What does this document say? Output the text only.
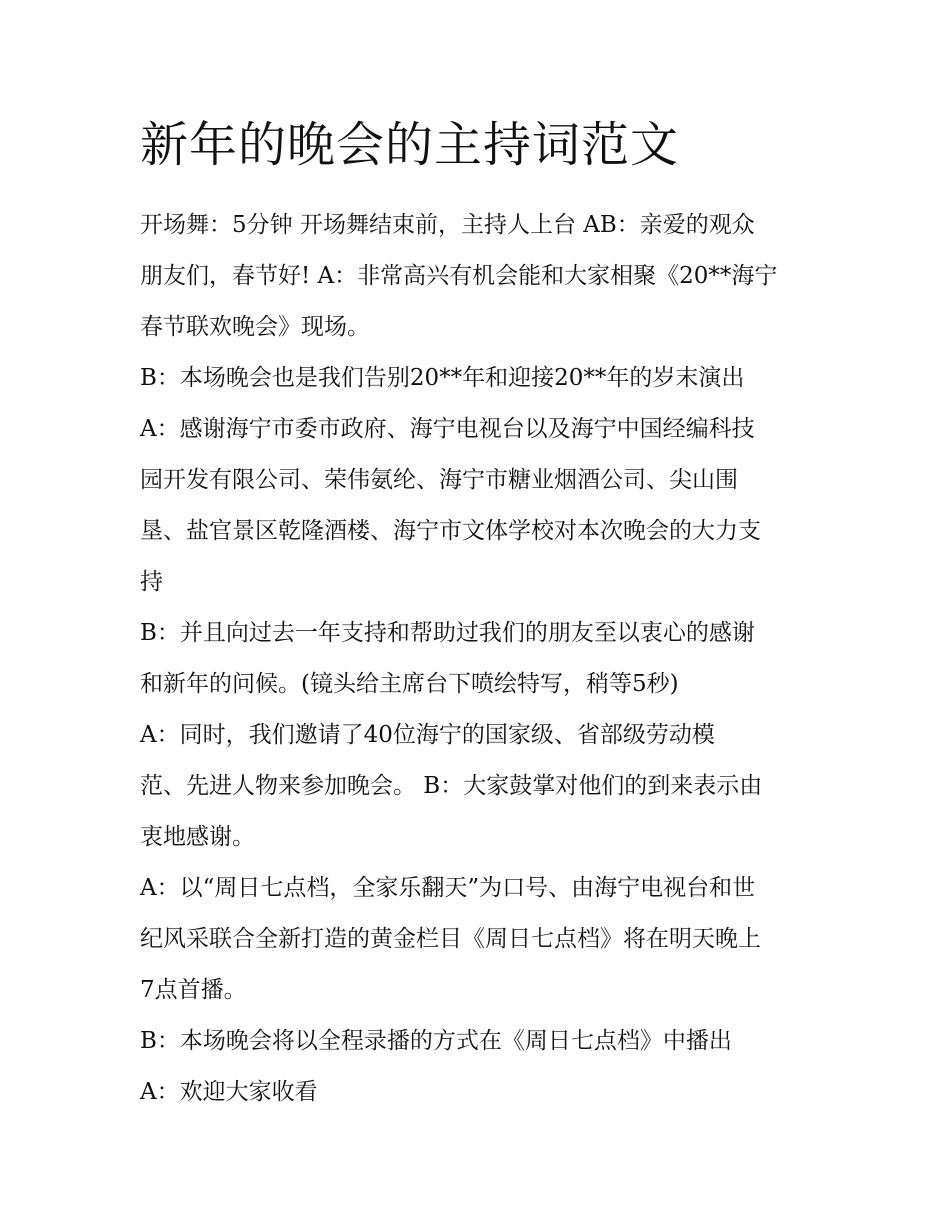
新年的晚会的主持词范文

开场舞：5分钟 开场舞结束前，主持人上台 AB：亲爱的观众
朋友们，春节好! A：非常高兴有机会能和大家相聚《20**海宁
春节联欢晚会》现场。

B：本场晚会也是我们告别20**年和迎接20**年的岁末演出

A：感谢海宁市委市政府、海宁电视台以及海宁中国经编科技
园开发有限公司、荣伟氨纶、海宁市糖业烟酒公司、尖山围
垦、盐官景区乾隆酒楼、海宁市文体学校对本次晚会的大力支
持

B：并且向过去一年支持和帮助过我们的朋友至以衷心的感谢
和新年的问候。(镜头给主席台下喷绘特写，稍等5秒)

A：同时，我们邀请了40位海宁的国家级、省部级劳动模
范、先进人物来参加晚会。 B：大家鼓掌对他们的到来表示由
衷地感谢。

A：以“周日七点档，全家乐翻天”为口号、由海宁电视台和世
纪风采联合全新打造的黄金栏目《周日七点档》将在明天晚上
7点首播。

B：本场晚会将以全程录播的方式在《周日七点档》中播出

A：欢迎大家收看
